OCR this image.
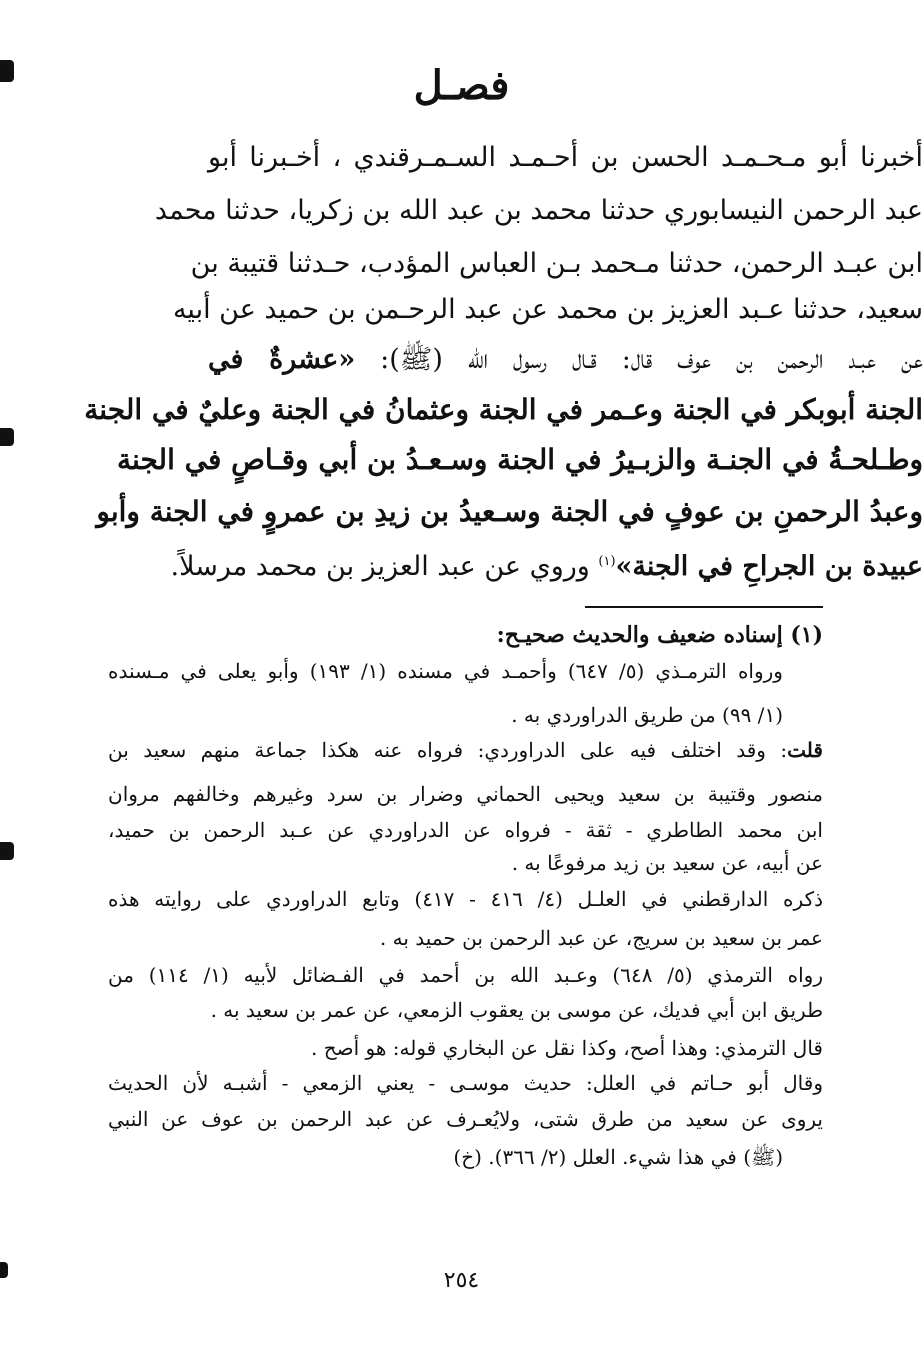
فصـل
أخبرنا أبو مـحـمـد الحسن بن أحـمـد السـمـرقندي ، أخـبرنا أبو
عبد الرحمن النيسابوري حدثنا محمد بن عبد الله بن زكريا، حدثنا محمد
ابن عبـد الرحمن، حدثنا مـحمد بـن العباس المؤدب، حـدثنا قتيبة بن
سعيد، حدثنا عـبد العزيز بن محمد عن عبد الرحـمن بن حميد عن أبيه
عن عبـد الرحمن بن عوف قال: قـال رسول الله (ﷺ): «عشرةٌ في
الجنة أبوبكر في الجنة وعـمر في الجنة وعثمانُ في الجنة وعليٌ في الجنة
وطـلحـةُ في الجنـة والزبـيرُ في الجنة وسـعـدُ بن أبي وقـاصٍ في الجنة
وعبدُ الرحمنِ بن عوفٍ في الجنة وسـعيدُ بن زيدِ بن عمروٍ في الجنة وأبو
عبيدة بن الجراحِ في الجنة»$^{(١)}$ وروي عن عبد العزيز بن محمد مرسلاً.
(١) إسناده ضعيف والحديث صحيـح:
ورواه الترمـذي (٥/ ٦٤٧) وأحمـد في مسنده (١/ ١٩٣) وأبو يعلى في مـسنده
(١/ ٩٩) من طريق الدراوردي به .
قلت: وقد اختلف فيه على الدراوردي: فرواه عنه هكذا جماعة منهم سعيد بن
منصور وقتيبة بن سعيد ويحيى الحماني وضرار بن سرد وغيرهم وخالفهم مروان
ابن محمد الطاطري - ثقة - فرواه عن الدراوردي عن عـبد الرحمن بن حميد،
عن أبيه، عن سعيد بن زيد مرفوعًا به .
ذكره الدارقطني في العلـل (٤/ ٤١٦ - ٤١٧) وتابع الدراوردي على روايته هذه
عمر بن سعيد بن سريج، عن عبد الرحمن بن حميد به .
رواه الترمذي (٥/ ٦٤٨) وعـبد الله بن أحمد في الفـضائل لأبيه (١/ ١١٤) من
طريق ابن أبي فديك، عن موسى بن يعقوب الزمعي، عن عمر بن سعيد به .
قال الترمذي: وهذا أصح، وكذا نقل عن البخاري قوله: هو أصح .
وقال أبو حـاتم في العلل: حديث موسـى - يعني الزمعي - أشبـه لأن الحديث
يروى عن سعيد من طرق شتى، ولايُعـرف عن عبد الرحمن بن عوف عن النبي
(ﷺ) في هذا شيء. العلل (٢/ ٣٦٦). (خ)
٢٥٤
